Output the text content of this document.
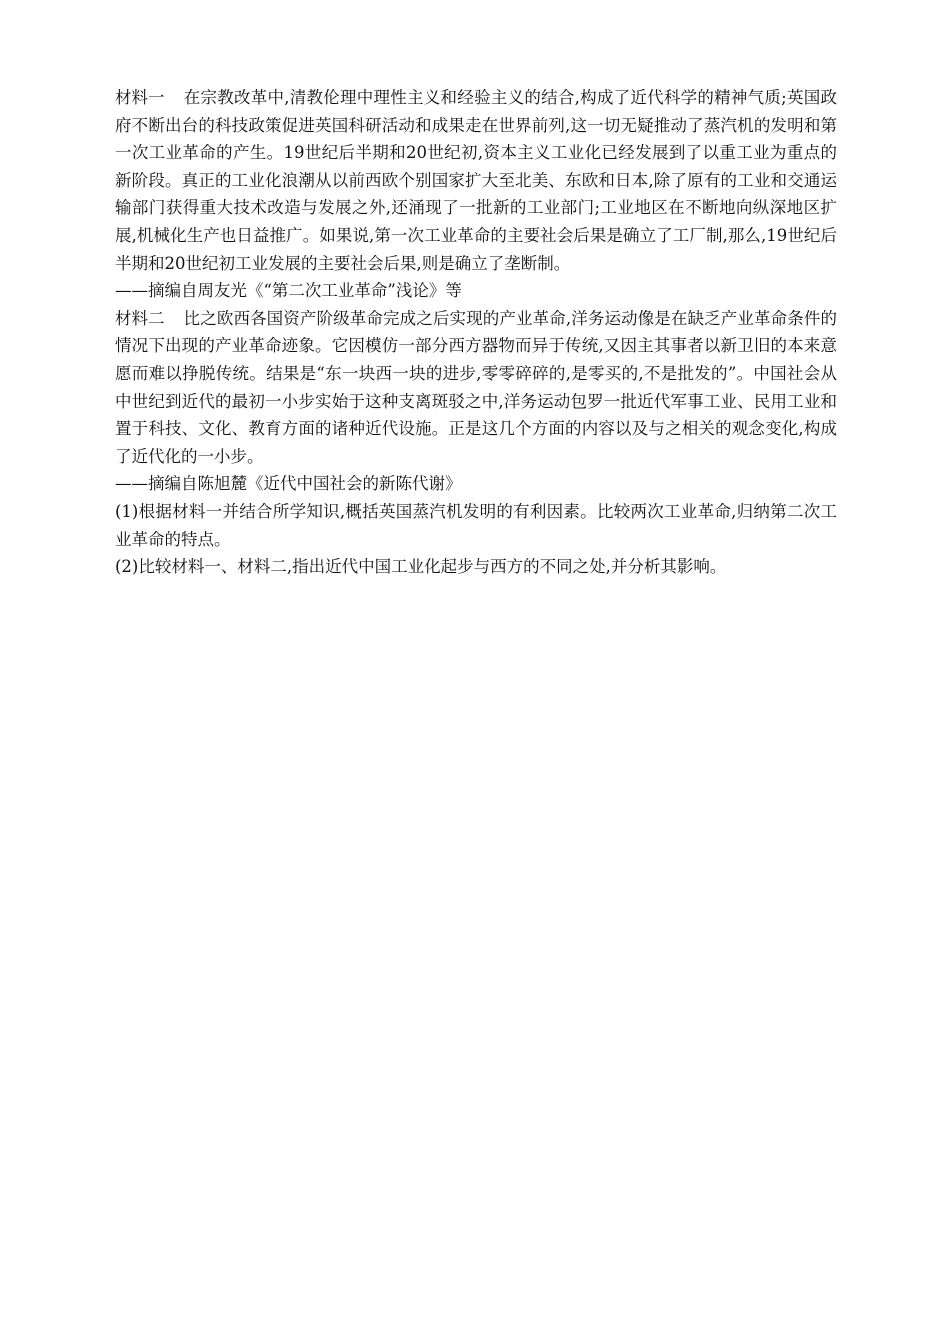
材料一 在宗教改革中,清教伦理中理性主义和经验主义的结合,构成了近代科学的精神气质;英国政府不断出台的科技政策促进英国科研活动和成果走在世界前列,这一切无疑推动了蒸汽机的发明和第一次工业革命的产生。19世纪后半期和20世纪初,资本主义工业化已经发展到了以重工业为重点的新阶段。真正的工业化浪潮从以前西欧个别国家扩大至北美、东欧和日本,除了原有的工业和交通运输部门获得重大技术改造与发展之外,还涌现了一批新的工业部门;工业地区在不断地向纵深地区扩展,机械化生产也日益推广。如果说,第一次工业革命的主要社会后果是确立了工厂制,那么,19世纪后半期和20世纪初工业发展的主要社会后果,则是确立了垄断制。

——摘编自周友光《“第二次工业革命”浅论》等

材料二 比之欧西各国资产阶级革命完成之后实现的产业革命,洋务运动像是在缺乏产业革命条件的情况下出现的产业革命迹象。它因模仿一部分西方器物而异于传统,又因主其事者以新卫旧的本来意愿而难以挣脱传统。结果是“东一块西一块的进步,零零碎碎的,是零买的,不是批发的”。中国社会从中世纪到近代的最初一小步实始于这种支离斑驳之中,洋务运动包罗一批近代军事工业、民用工业和置于科技、文化、教育方面的诸种近代设施。正是这几个方面的内容以及与之相关的观念变化,构成了近代化的一小步。

——摘编自陈旭麓《近代中国社会的新陈代谢》

(1)根据材料一并结合所学知识,概括英国蒸汽机发明的有利因素。比较两次工业革命,归纳第二次工业革命的特点。

(2)比较材料一、材料二,指出近代中国工业化起步与西方的不同之处,并分析其影响。
